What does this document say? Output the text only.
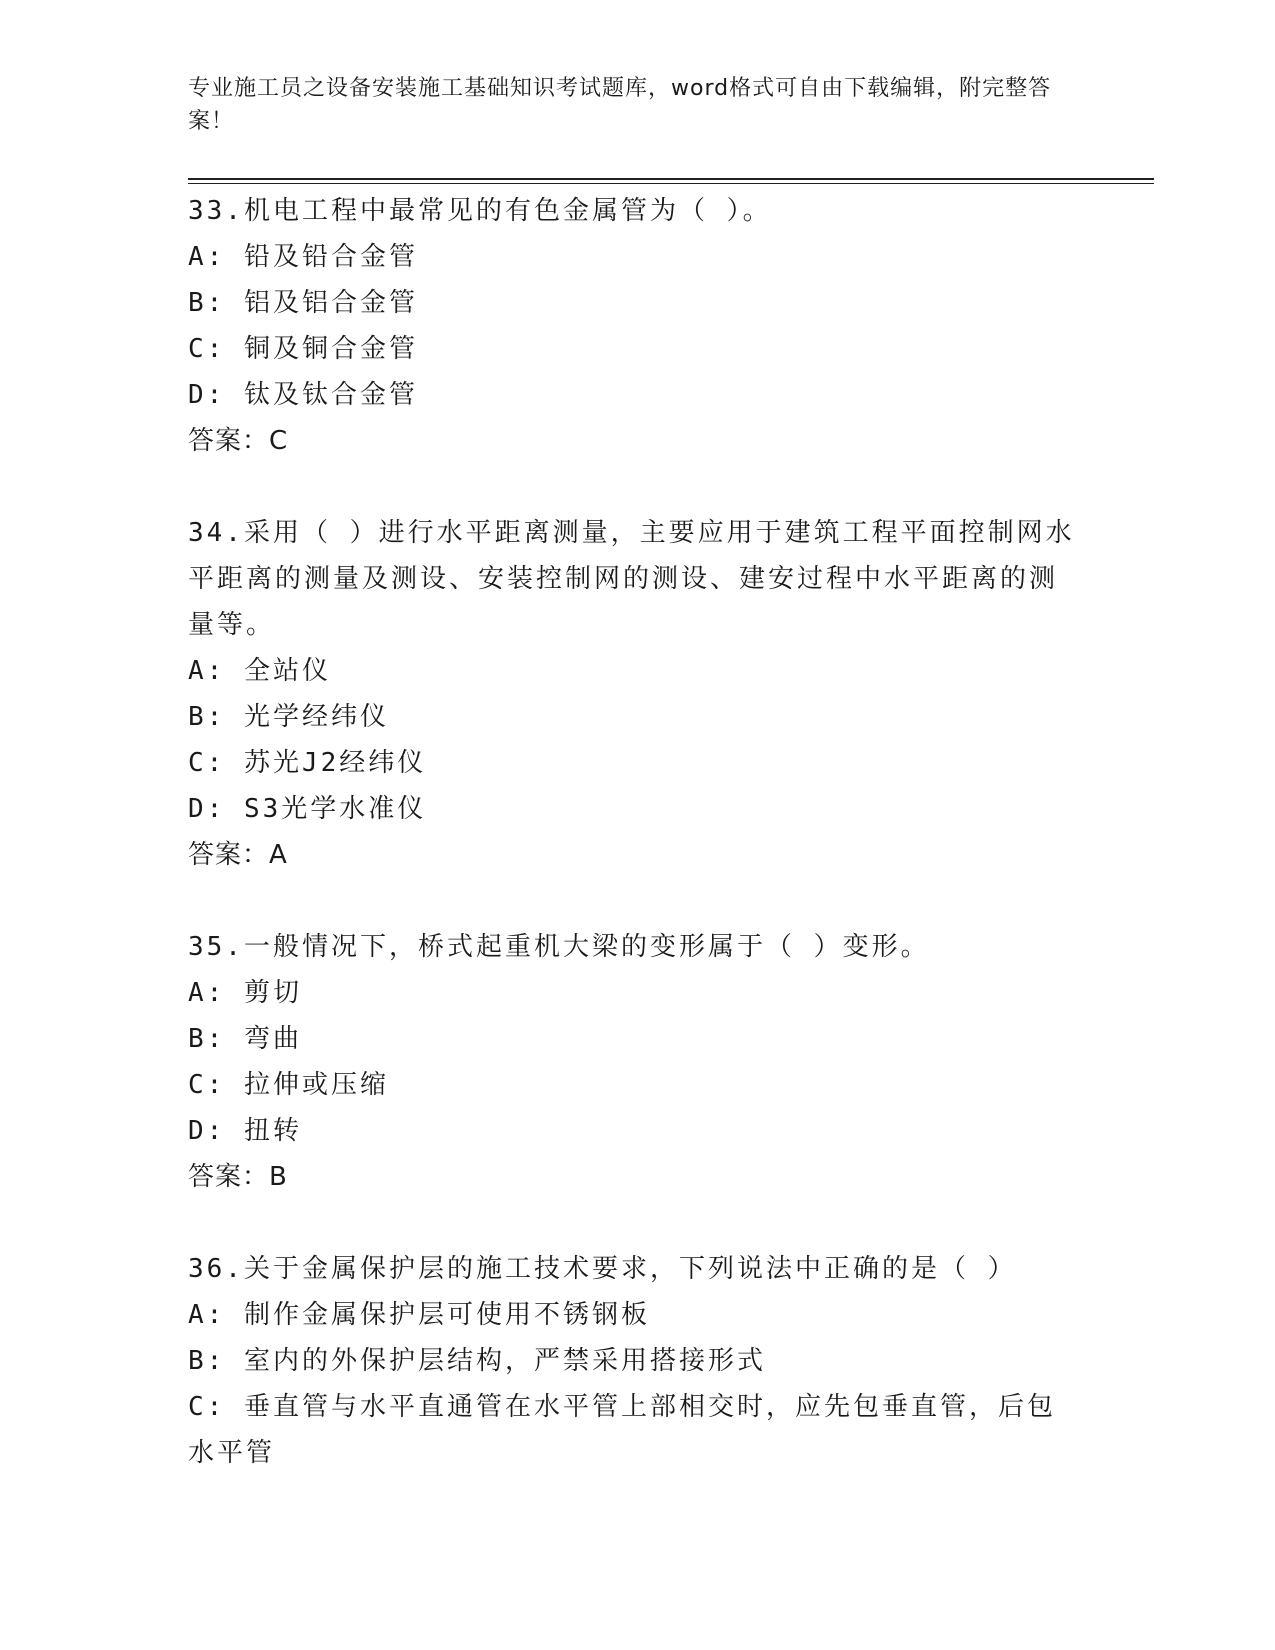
专业施工员之设备安装施工基础知识考试题库，word格式可自由下载编辑，附完整答案！

33.机电工程中最常见的有色金属管为（ ）。

A: 铅及铅合金管

B: 铝及铝合金管

C: 铜及铜合金管

D: 钛及钛合金管

答案：C

34.采用（ ）进行水平距离测量，主要应用于建筑工程平面控制网水平距离的测量及测设、安装控制网的测设、建安过程中水平距离的测量等。

A: 全站仪

B: 光学经纬仪

C: 苏光J2经纬仪

D: S3光学水准仪

答案：A

35.一般情况下，桥式起重机大梁的变形属于（ ）变形。

A: 剪切

B: 弯曲

C: 拉伸或压缩

D: 扭转

答案：B

36.关于金属保护层的施工技术要求，下列说法中正确的是（ ）

A: 制作金属保护层可使用不锈钢板

B: 室内的外保护层结构，严禁采用搭接形式

C: 垂直管与水平直通管在水平管上部相交时，应先包垂直管，后包水平管
